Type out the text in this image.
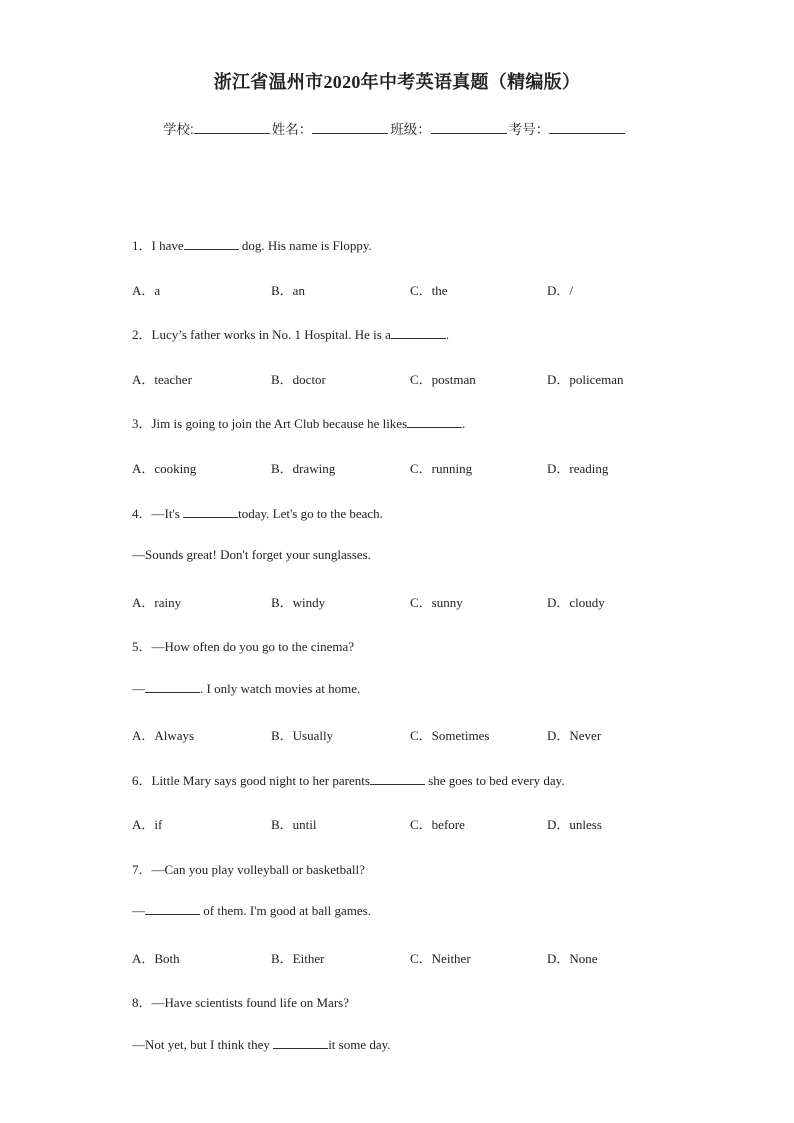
浙江省温州市2020年中考英语真题（精编版）
学校:	姓名：	班级：	考号：
1．I have	dog. His name is Floppy.
A．a	B．an	C．the	D．/
2．Lucy’s father works in No. 1 Hospital. He is a	.
A．teacher	B．doctor	C．postman	D．policeman
3．Jim is going to join the Art Club because he likes	.
A．cooking	B．drawing	C．running	D．reading
4．—It's	today. Let's go to the beach.
—Sounds great! Don't forget your sunglasses.
A．rainy	B．windy	C．sunny	D．cloudy
5．—How often do you go to the cinema?
—	. I only watch movies at home.
A．Always	B．Usually	C．Sometimes	D．Never
6．Little Mary says good night to her parents	she goes to bed every day.
A．if	B．until	C．before	D．unless
7．—Can you play volleyball or basketball?
—	of them. I'm good at ball games.
A．Both	B．Either	C．Neither	D．None
8．—Have scientists found life on Mars?
—Not yet, but I think they	it some day.
